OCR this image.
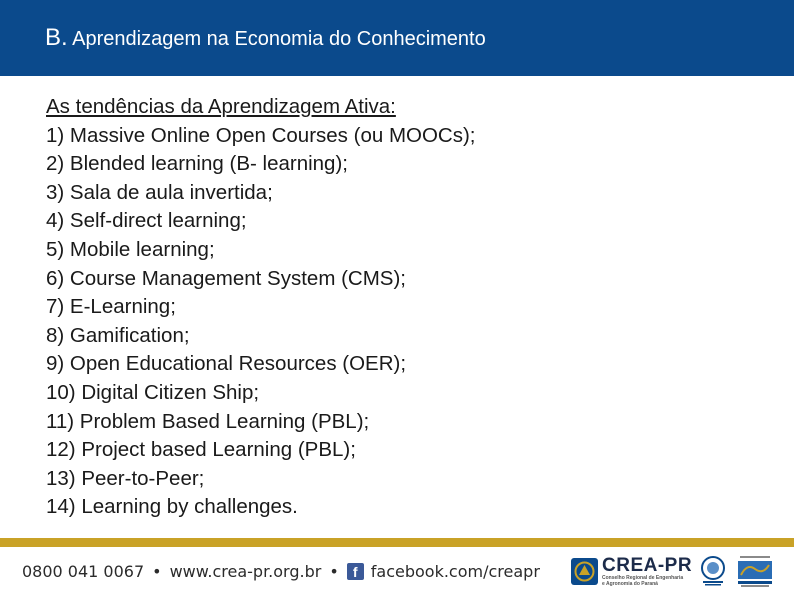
B. Aprendizagem na Economia do Conhecimento
As tendências da Aprendizagem Ativa:
1) Massive Online Open Courses (ou MOOCs);
2) Blended learning (B- learning);
3) Sala de aula invertida;
4) Self-direct learning;
5) Mobile learning;
6) Course Management System (CMS);
7) E-Learning;
8) Gamification;
9) Open Educational Resources (OER);
10) Digital Citizen Ship;
11) Problem Based Learning (PBL);
12) Project based Learning (PBL);
13) Peer-to-Peer;
14) Learning by challenges.
0800 041 0067 • www.crea-pr.org.br •	f facebook.com/creapr	CREA-PR
Conselho Regional de Engenharia
e Agronomia do Paraná
